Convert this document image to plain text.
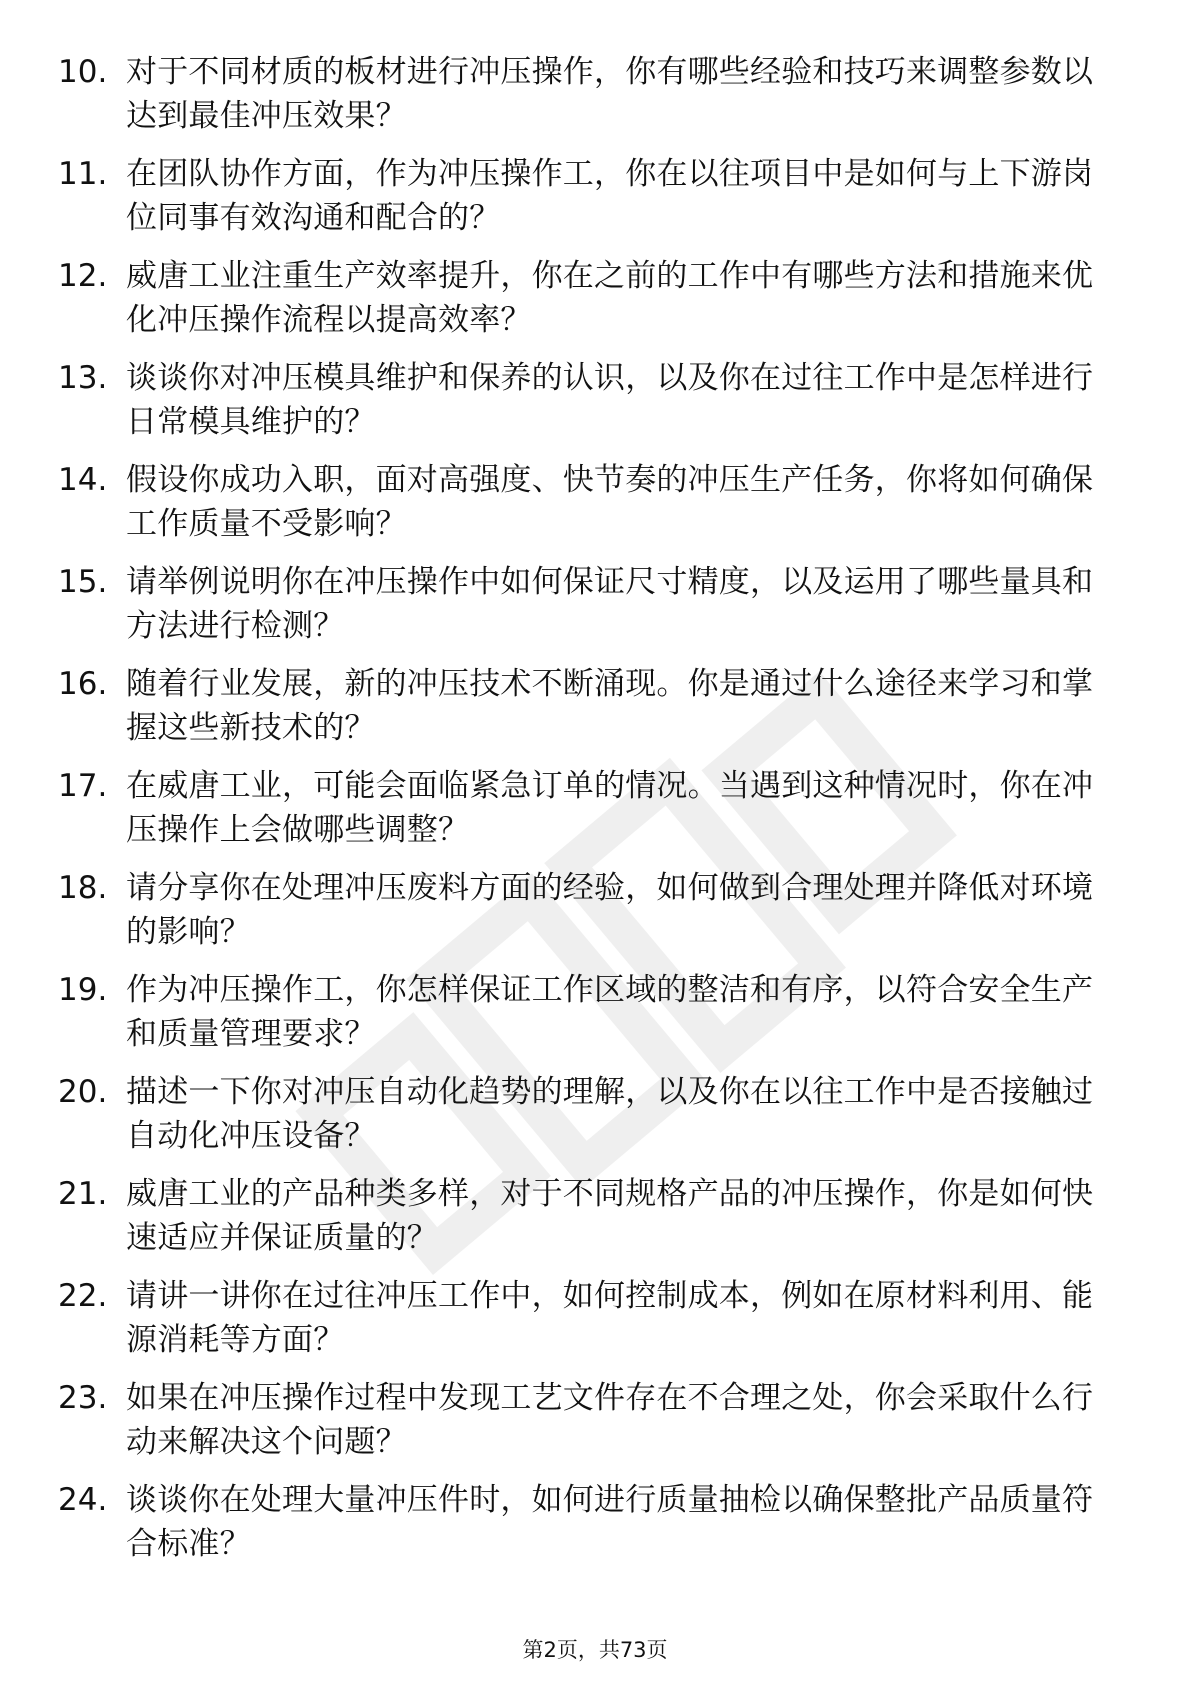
10. 对于不同材质的板材进行冲压操作，你有哪些经验和技巧来调整参数以达到最佳冲压效果？
11. 在团队协作方面，作为冲压操作工，你在以往项目中是如何与上下游岗位同事有效沟通和配合的？
12. 威唐工业注重生产效率提升，你在之前的工作中有哪些方法和措施来优化冲压操作流程以提高效率？
13. 谈谈你对冲压模具维护和保养的认识，以及你在过往工作中是怎样进行日常模具维护的？
14. 假设你成功入职，面对高强度、快节奏的冲压生产任务，你将如何确保工作质量不受影响？
15. 请举例说明你在冲压操作中如何保证尺寸精度，以及运用了哪些量具和方法进行检测？
16. 随着行业发展，新的冲压技术不断涌现。你是通过什么途径来学习和掌握这些新技术的？
17. 在威唐工业，可能会面临紧急订单的情况。当遇到这种情况时，你在冲压操作上会做哪些调整？
18. 请分享你在处理冲压废料方面的经验，如何做到合理处理并降低对环境的影响？
19. 作为冲压操作工，你怎样保证工作区域的整洁和有序，以符合安全生产和质量管理要求？
20. 描述一下你对冲压自动化趋势的理解，以及你在以往工作中是否接触过自动化冲压设备？
21. 威唐工业的产品种类多样，对于不同规格产品的冲压操作，你是如何快速适应并保证质量的？
22. 请讲一讲你在过往冲压工作中，如何控制成本，例如在原材料利用、能源消耗等方面？
23. 如果在冲压操作过程中发现工艺文件存在不合理之处，你会采取什么行动来解决这个问题？
24. 谈谈你在处理大量冲压件时，如何进行质量抽检以确保整批产品质量符合标准？
第2页，共73页
